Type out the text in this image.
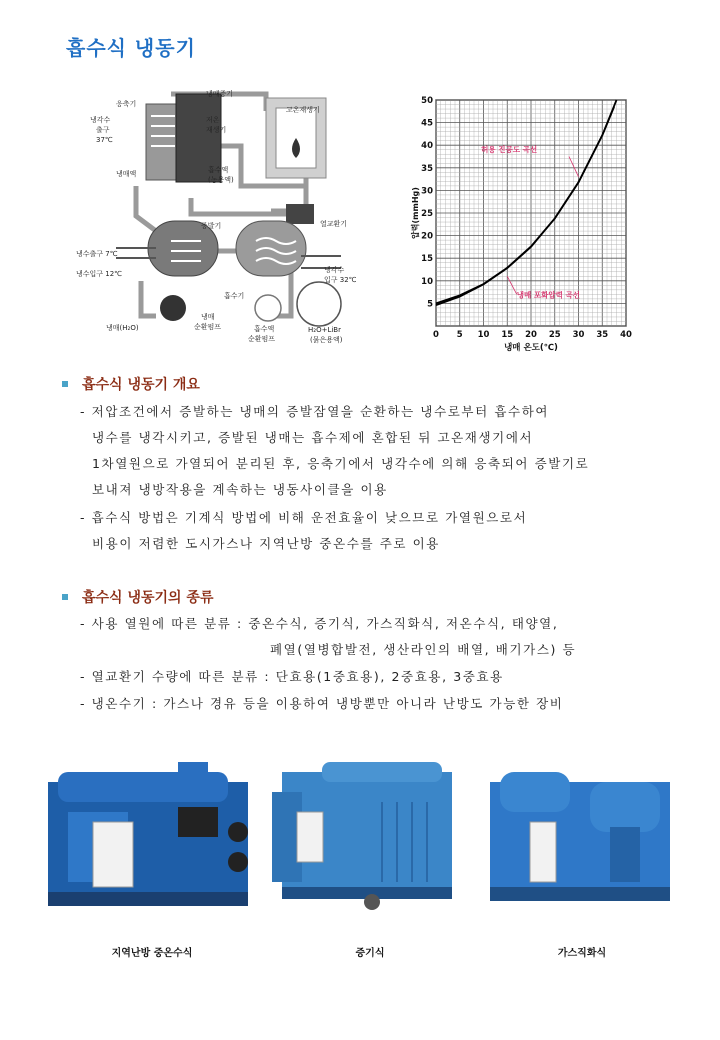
흡수식 냉동기
응축기
냉매증기
고온재생기
냉각수
출구
37℃
저온
재생기
냉매액	흡수액
(농용액)
열교환기
증발기
냉수출구 7℃
냉수입구 12℃	냉각수
입구 32℃
흡수기
냉매(H₂O)
냉매
순환펌프	흡수액
순환펌프
H₂O+LiBr
(묽은용액)	0 5 10 15 20 25 30 35 40
5
10
15
20
25
30
35
40
45
50
냉매 온도(℃)
압력(mmHg)
허용 진공도 곡선
냉매 포화압력 곡선
흡수식 냉동기 개요
- 저압조건에서 증발하는 냉매의 증발잠열을 순환하는 냉수로부터 흡수하여
냉수를 냉각시키고, 증발된 냉매는 흡수제에 혼합된 뒤 고온재생기에서
1차열원으로 가열되어 분리된 후, 응축기에서 냉각수에 의해 응축되어 증발기로
보내져 냉방작용을 계속하는 냉동사이클을 이용
- 흡수식 방법은 기계식 방법에 비해 운전효율이 낮으므로 가열원으로서
비용이 저렴한 도시가스나 지역난방 중온수를 주로 이용
흡수식 냉동기의 종류
- 사용 열원에 따른 분류 : 중온수식, 증기식, 가스직화식, 저온수식, 태양열,
폐열(열병합발전, 생산라인의 배열, 배기가스) 등
- 열교환기 수량에 따른 분류 : 단효용(1중효용), 2중효용, 3중효용
- 냉온수기 : 가스나 경유 등을 이용하여 냉방뿐만 아니라 난방도 가능한 장비
지역난방 중온수식	증기식	가스직화식
